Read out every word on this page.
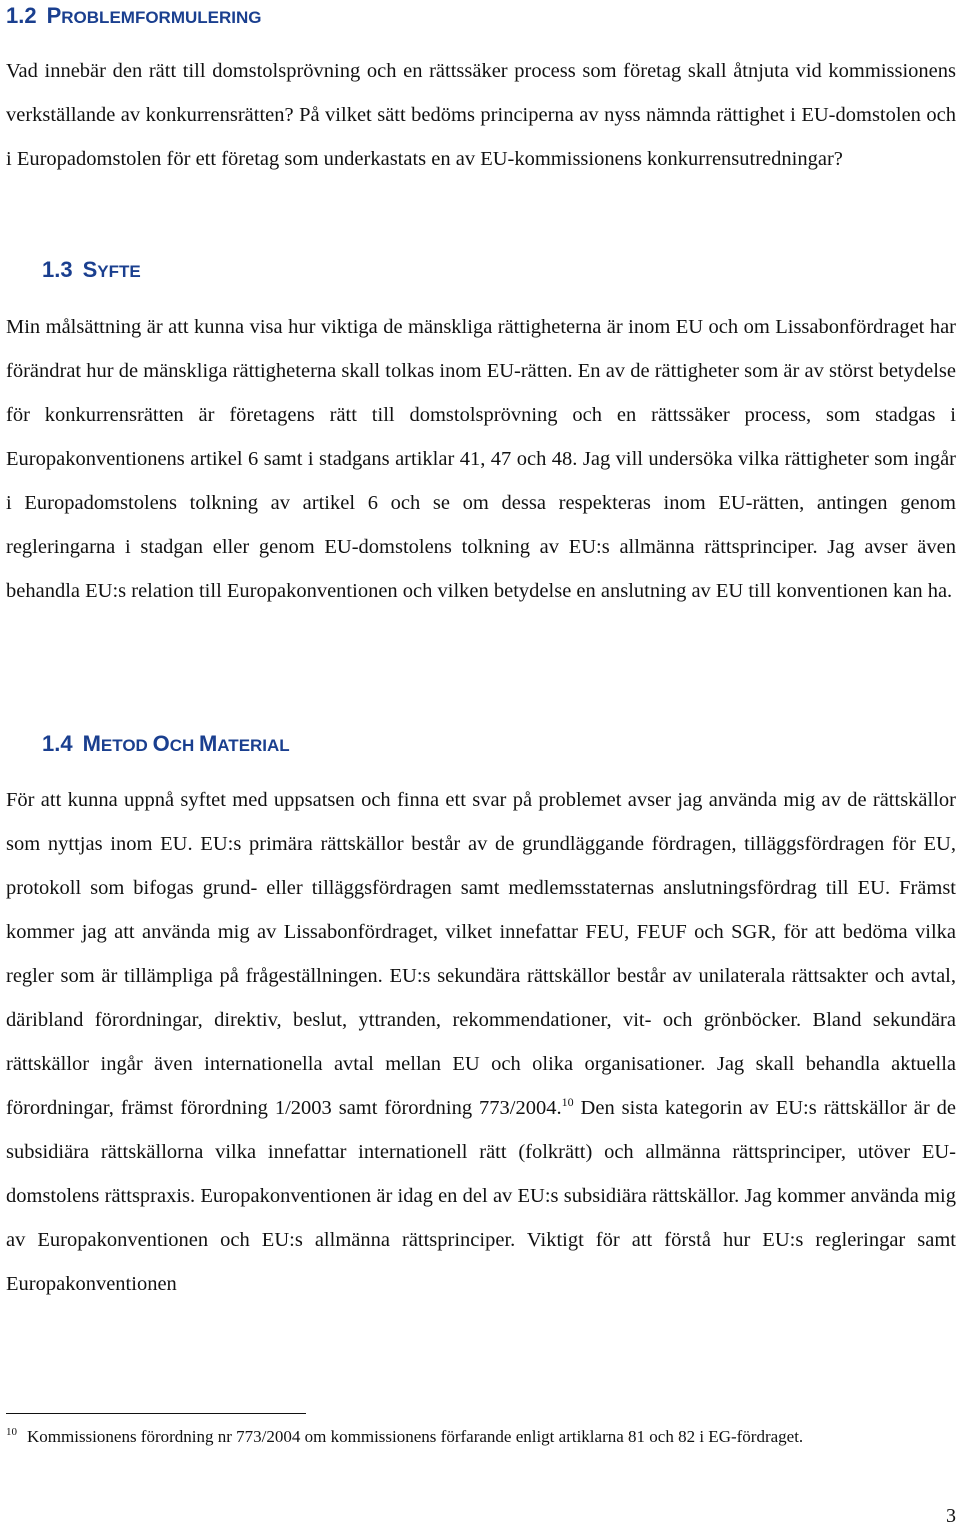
1.2 PROBLEMFORMULERING

Vad innebär den rätt till domstolsprövning och en rättssäker process som företag skall åtnjuta vid kommissionens verkställande av konkurrensrätten? På vilket sätt bedöms principerna av nyss nämnda rättighet i EU-domstolen och i Europadomstolen för ett företag som underkastats en av EU-kommissionens konkurrensutredningar?

1.3 SYFTE

Min målsättning är att kunna visa hur viktiga de mänskliga rättigheterna är inom EU och om Lissabonfördraget har förändrat hur de mänskliga rättigheterna skall tolkas inom EU-rätten. En av de rättigheter som är av störst betydelse för konkurrensrätten är företagens rätt till domstolsprövning och en rättssäker process, som stadgas i Europakonventionens artikel 6 samt i stadgans artiklar 41, 47 och 48. Jag vill undersöka vilka rättigheter som ingår i Europadomstolens tolkning av artikel 6 och se om dessa respekteras inom EU-rätten, antingen genom regleringarna i stadgan eller genom EU-domstolens tolkning av EU:s allmänna rättsprinciper. Jag avser även behandla EU:s relation till Europakonventionen och vilken betydelse en anslutning av EU till konventionen kan ha.

1.4 METOD OCH MATERIAL

För att kunna uppnå syftet med uppsatsen och finna ett svar på problemet avser jag använda mig av de rättskällor som nyttjas inom EU. EU:s primära rättskällor består av de grundläggande fördragen, tilläggsfördragen för EU, protokoll som bifogas grund- eller tilläggsfördragen samt medlemsstaternas anslutningsfördrag till EU. Främst kommer jag att använda mig av Lissabonfördraget, vilket innefattar FEU, FEUF och SGR, för att bedöma vilka regler som är tillämpliga på frågeställningen. EU:s sekundära rättskällor består av unilaterala rättsakter och avtal, däribland förordningar, direktiv, beslut, yttranden, rekommendationer, vit- och grönböcker. Bland sekundära rättskällor ingår även internationella avtal mellan EU och olika organisationer. Jag skall behandla aktuella förordningar, främst förordning 1/2003 samt förordning 773/2004.10 Den sista kategorin av EU:s rättskällor är de subsidiära rättskällorna vilka innefattar internationell rätt (folkrätt) och allmänna rättsprinciper, utöver EU-domstolens rättspraxis. Europakonventionen är idag en del av EU:s subsidiära rättskällor. Jag kommer använda mig av Europakonventionen och EU:s allmänna rättsprinciper. Viktigt för att förstå hur EU:s regleringar samt Europakonventionen

$^{10}$ Kommissionens förordning nr 773/2004 om kommissionens förfarande enligt artiklarna 81 och 82 i EG-fördraget.

3
